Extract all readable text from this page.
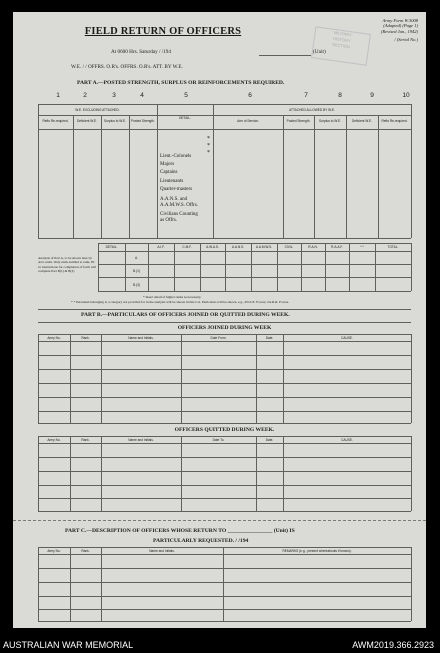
FIELD RETURN OF OFFICERS
Army Form W.3008
(Adapted) (Page 1)
(Revised Jan., 1942)
/ (Serial No.)
MILITARY
HISTORY
SECTION
At 0600 Hrs. Saturday / /194	(Unit)
W.E. / / OFFRS. O.R's. OFFRS. O.R's. ATT. BY W.E.
PART A.—POSTED STRENGTH, SURPLUS OR REINFORCEMENTS REQUIRED.
1	2	3	4	5	6	7	8	9	10
W.E. EXCLUDING ATTACHED.	ATTACHED ALLOWED BY W.E.
DETAIL.
Refts Re-required.	Deficient W.E.	Surplus to W.E.	Posted Strength.	Arm of Service.	Posted Strength.	Surplus to W.E.	Deficient W.E.	Refts Re-required.
*
*
*
Lieut.-Colonels
Majors
Captains
Lieutenants
Quarter-masters
A.A.N.S. and
A.A.M.W.S. Offrs.
Civilians Counting
as Offrs.
Analysis of Part A, to be shown here by ALL units. Only units entitled to rank, IN ev instructions for completion of form will complete Part B(1) & B(3)
DETAIL.	A.I.F.	C.M.F.	A.W.A.S.	A.A.N.S.	A.A.M.W.S.	CIVIL.	R.A.N.	R.A.A.F.	* *	TOTAL.
A.
B.(1)
B.(3)
* Insert detail of higher ranks as necessary.
* * Personnel belonging to a category not provided for in the analysis will be shown in this Col. Particulars will be shown, e.g., 2N.Z.E. Forces; 2A.R.R. Forces.
PART B.—PARTICULARS OF OFFICERS JOINED OR QUITTED DURING WEEK.
OFFICERS JOINED DURING WEEK
Army No.	Rank.	Name and Initials.	Date From.	Date.	CAUSE.
OFFICERS QUITTED DURING WEEK.
Army No.	Rank.	Name and Initials.	Date To.	Date.	CAUSE.
PART C.—DESCRIPTION OF OFFICERS WHOSE RETURN TO ________________ (Unit) IS
PARTICULARLY REQUESTED. / /194
Army No.	Rank.	Name and Initials.	REMARKS (e.g., present whereabouts if known).
AUSTRALIAN WAR MEMORIAL	AWM2019.366.2923
